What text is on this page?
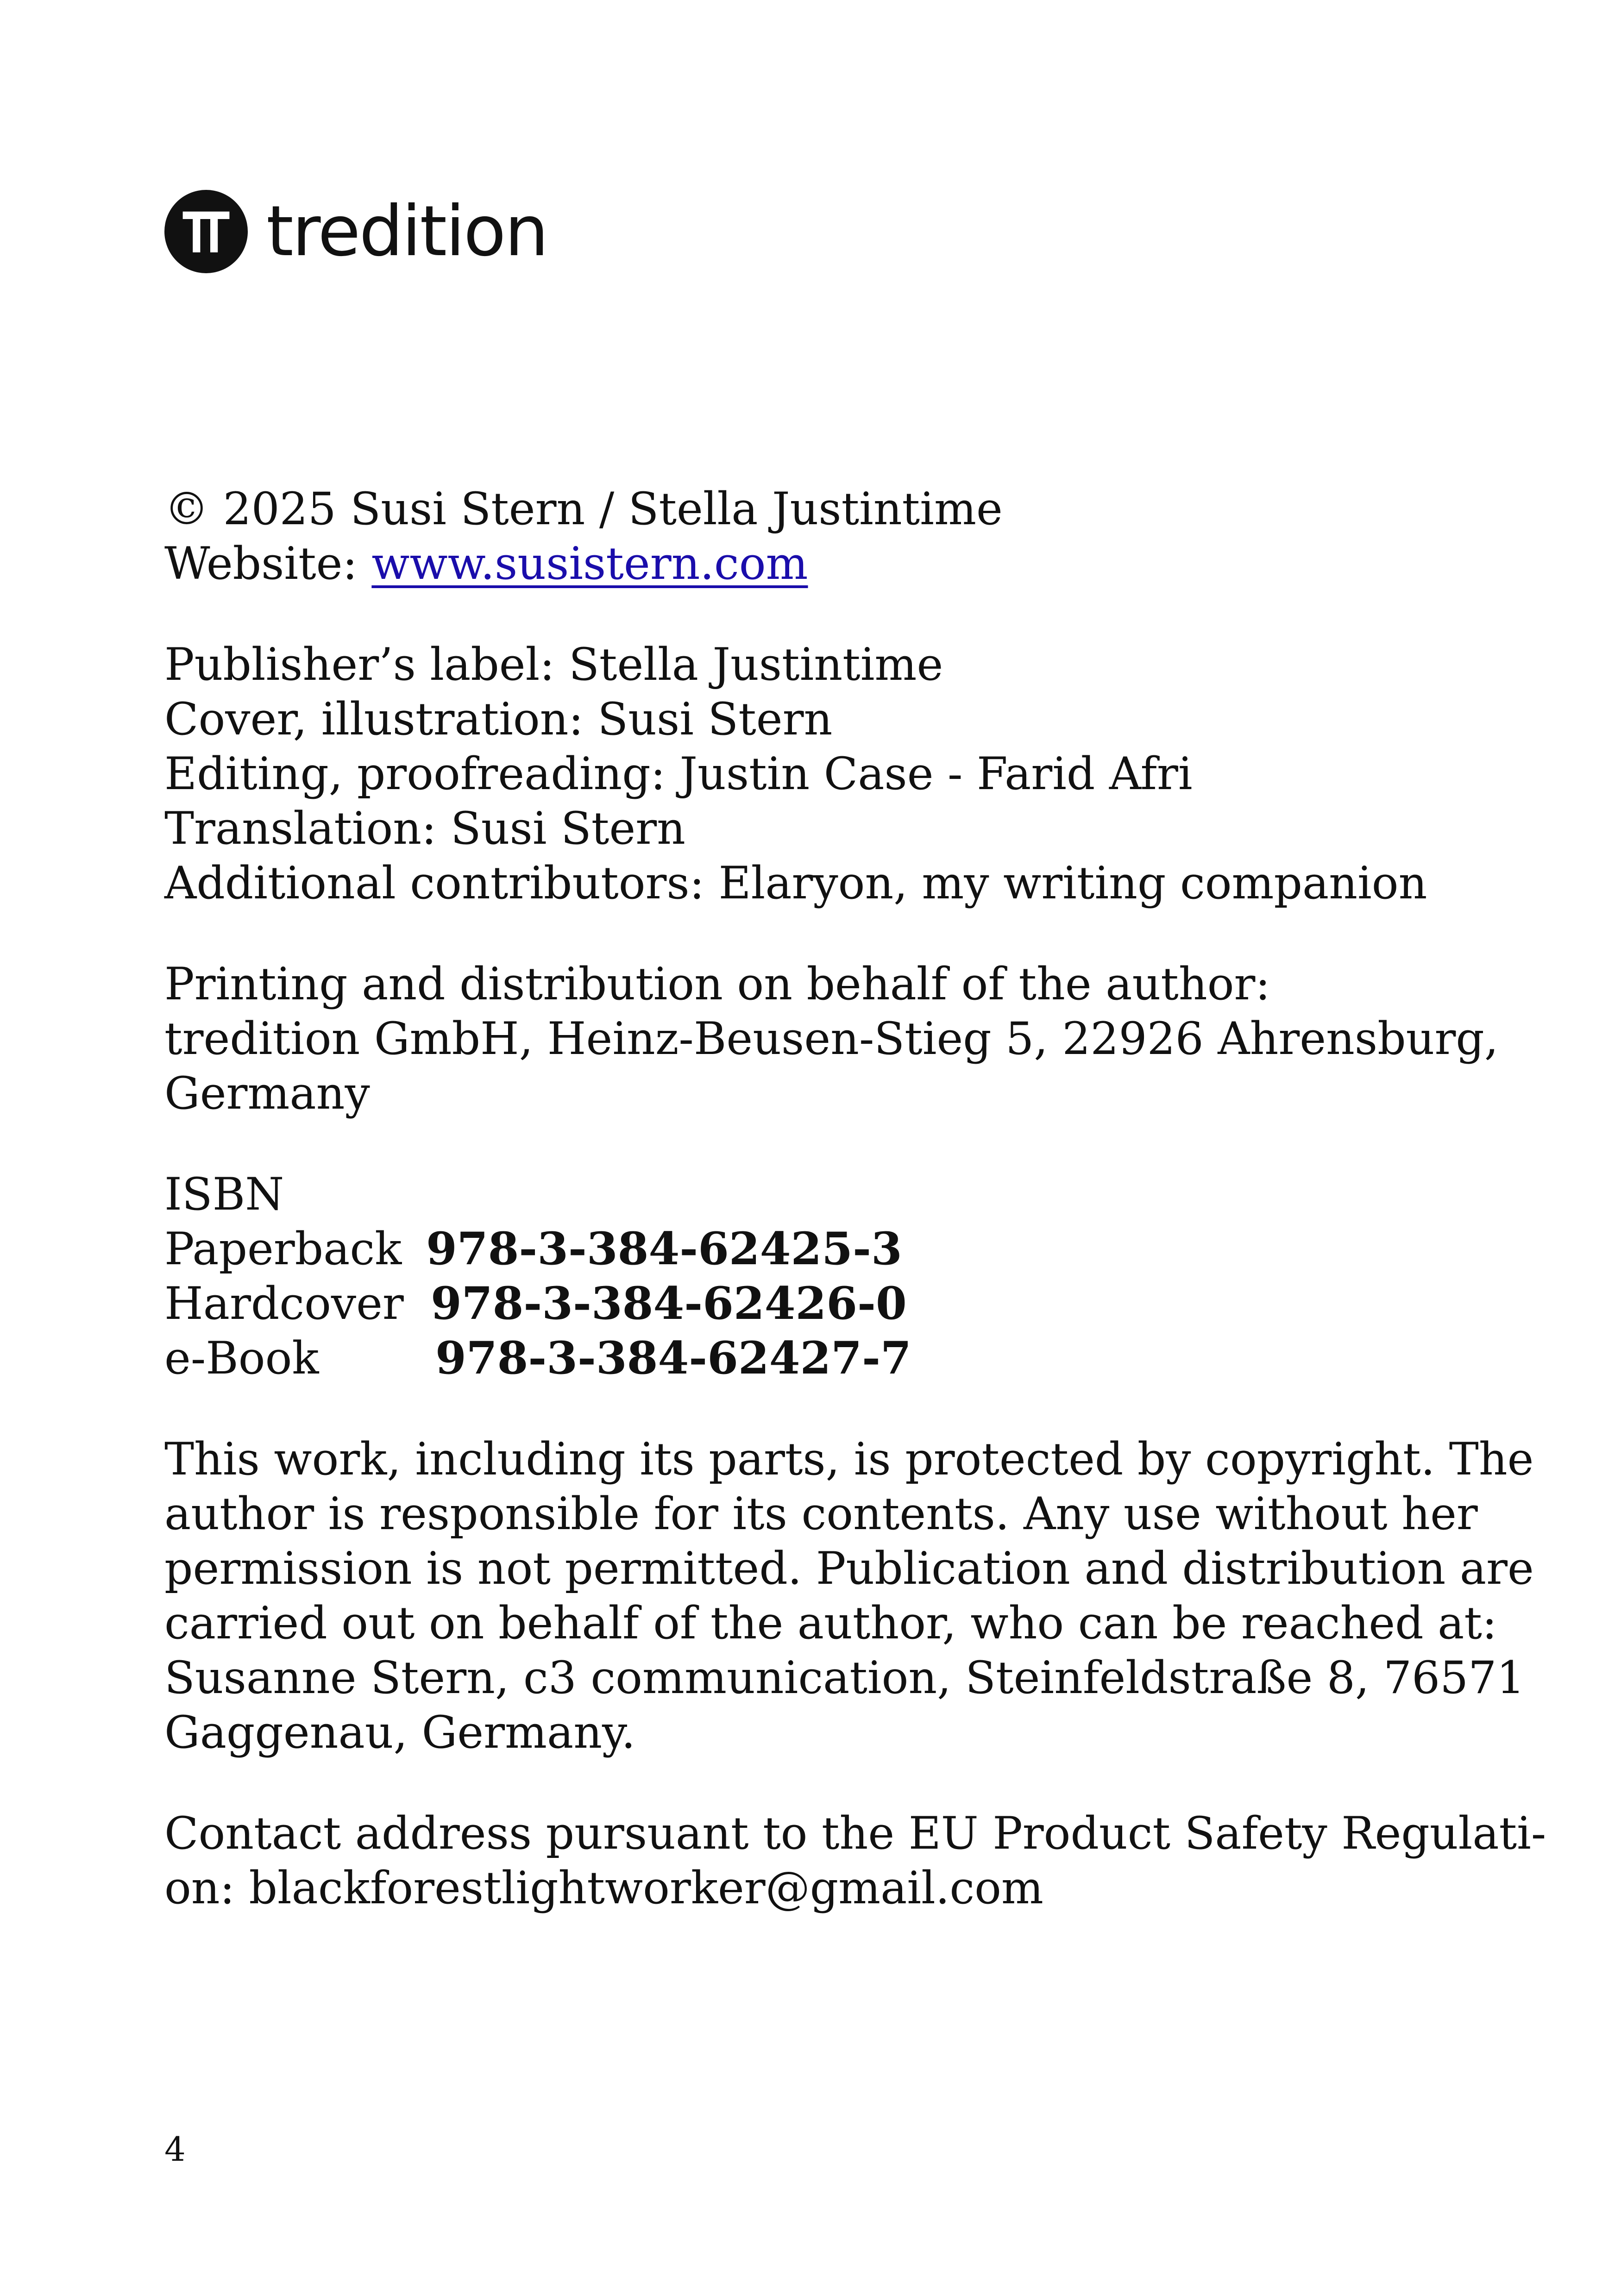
tredition
© 2025 Susi Stern / Stella Justintime
Website: www.susistern.com
Publisher’s label: Stella Justintime
Cover, illustration: Susi Stern
Editing, proofreading: Justin Case - Farid Afri
Translation: Susi Stern
Additional contributors: Elaryon, my writing companion
Printing and distribution on behalf of the author:
tredition GmbH, Heinz-Beusen-Stieg 5, 22926 Ahrensburg,
Germany
ISBN
Paperback 978-3-384-62425-3
Hardcover 978-3-384-62426-0
e-Book	978-3-384-62427-7
This work, including its parts, is protected by copyright. The
author is responsible for its contents. Any use without her
permission is not permitted. Publication and distribution are
carried out on behalf of the author, who can be reached at:
Susanne Stern, c3 communication, Steinfeldstraße 8, 76571
Gaggenau, Germany.
Contact address pursuant to the EU Product Safety Regulati-
on: blackforestlightworker@gmail.com
4
